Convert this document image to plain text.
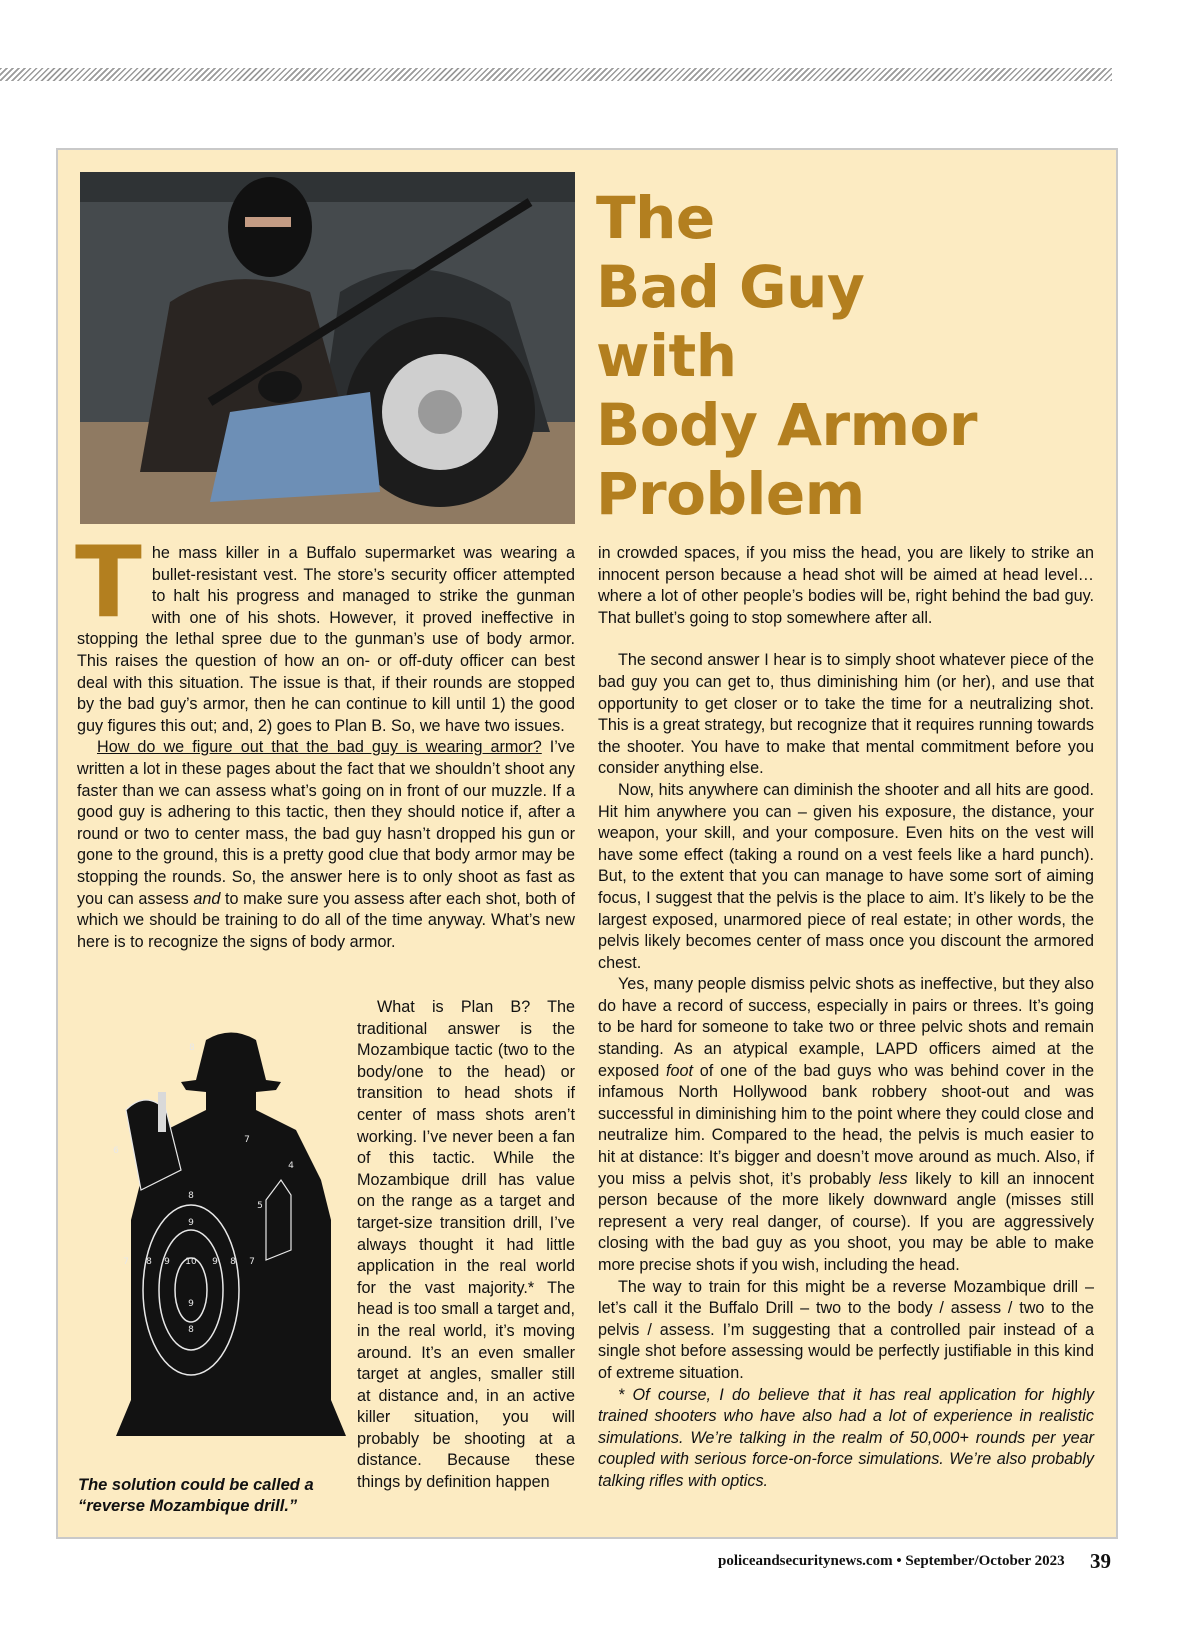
The
Bad Guy
with
Body Armor
Problem

The mass killer in a Buffalo supermarket was wearing a bullet-resistant vest. The store’s security officer attempted to halt his progress and managed to strike the gunman with one of his shots. However, it proved ineffective in stopping the lethal spree due to the gunman’s use of body armor. This raises the question of how an on- or off-duty officer can best deal with this situation. The issue is that, if their rounds are stopped by the bad guy’s armor, then he can continue to kill until 1) the good guy figures this out; and, 2) goes to Plan B. So, we have two issues.

How do we figure out that the bad guy is wearing armor? I’ve written a lot in these pages about the fact that we shouldn’t shoot any faster than we can assess what’s going on in front of our muzzle. If a good guy is adhering to this tactic, then they should notice if, after a round or two to center mass, the bad guy hasn’t dropped his gun or gone to the ground, this is a pretty good clue that body armor may be stopping the rounds. So, the answer here is to only shoot as fast as you can assess and to make sure you assess after each shot, both of which we should be training to do all of the time anyway. What’s new here is to recognize the signs of body armor.

What is Plan B? The traditional answer is the Mozambique tactic (two to the body/one to the head) or transition to head shots if center of mass shots aren’t working. I’ve never been a fan of this tactic. While the Mozambique drill has value on the range as a target and target-size transition drill, I’ve always thought it had little application in the real world for the vast majority.* The head is too small a target and, in the real world, it’s moving around. It’s an even smaller target at angles, smaller still at distance and, in an active killer situation, you will probably be shooting at a distance. Because these things by definition happen

8
6
7
4
8
9
5
7 8 9 10 9 8 7
9
8
The solution could be called a “reverse Mozambique drill.”

in crowded spaces, if you miss the head, you are likely to strike an innocent person because a head shot will be aimed at head level…where a lot of other people’s bodies will be, right behind the bad guy. That bullet’s going to stop somewhere after all.

The second answer I hear is to simply shoot whatever piece of the bad guy you can get to, thus diminishing him (or her), and use that opportunity to get closer or to take the time for a neutralizing shot. This is a great strategy, but recognize that it requires running towards the shooter. You have to make that mental commitment before you consider anything else.

Now, hits anywhere can diminish the shooter and all hits are good. Hit him anywhere you can – given his exposure, the distance, your weapon, your skill, and your composure. Even hits on the vest will have some effect (taking a round on a vest feels like a hard punch). But, to the extent that you can manage to have some sort of aiming focus, I suggest that the pelvis is the place to aim. It’s likely to be the largest exposed, unarmored piece of real estate; in other words, the pelvis likely becomes center of mass once you discount the armored chest.

Yes, many people dismiss pelvic shots as ineffective, but they also do have a record of success, especially in pairs or threes. It’s going to be hard for someone to take two or three pelvic shots and remain standing. As an atypical example, LAPD officers aimed at the exposed foot of one of the bad guys who was behind cover in the infamous North Hollywood bank robbery shoot-out and was successful in diminishing him to the point where they could close and neutralize him. Compared to the head, the pelvis is much easier to hit at distance: It’s bigger and doesn’t move around as much. Also, if you miss a pelvis shot, it’s probably less likely to kill an innocent person because of the more likely downward angle (misses still represent a very real danger, of course). If you are aggressively closing with the bad guy as you shoot, you may be able to make more precise shots if you wish, including the head.

The way to train for this might be a reverse Mozambique drill – let’s call it the Buffalo Drill – two to the body / assess / two to the pelvis / assess. I’m suggesting that a controlled pair instead of a single shot before assessing would be perfectly justifiable in this kind of extreme situation.

* Of course, I do believe that it has real application for highly trained shooters who have also had a lot of experience in realistic simulations. We’re talking in the realm of 50,000+ rounds per year coupled with serious force-on-force simulations. We’re also probably talking rifles with optics.

policeandsecuritynews.com • September/October 2023 39
